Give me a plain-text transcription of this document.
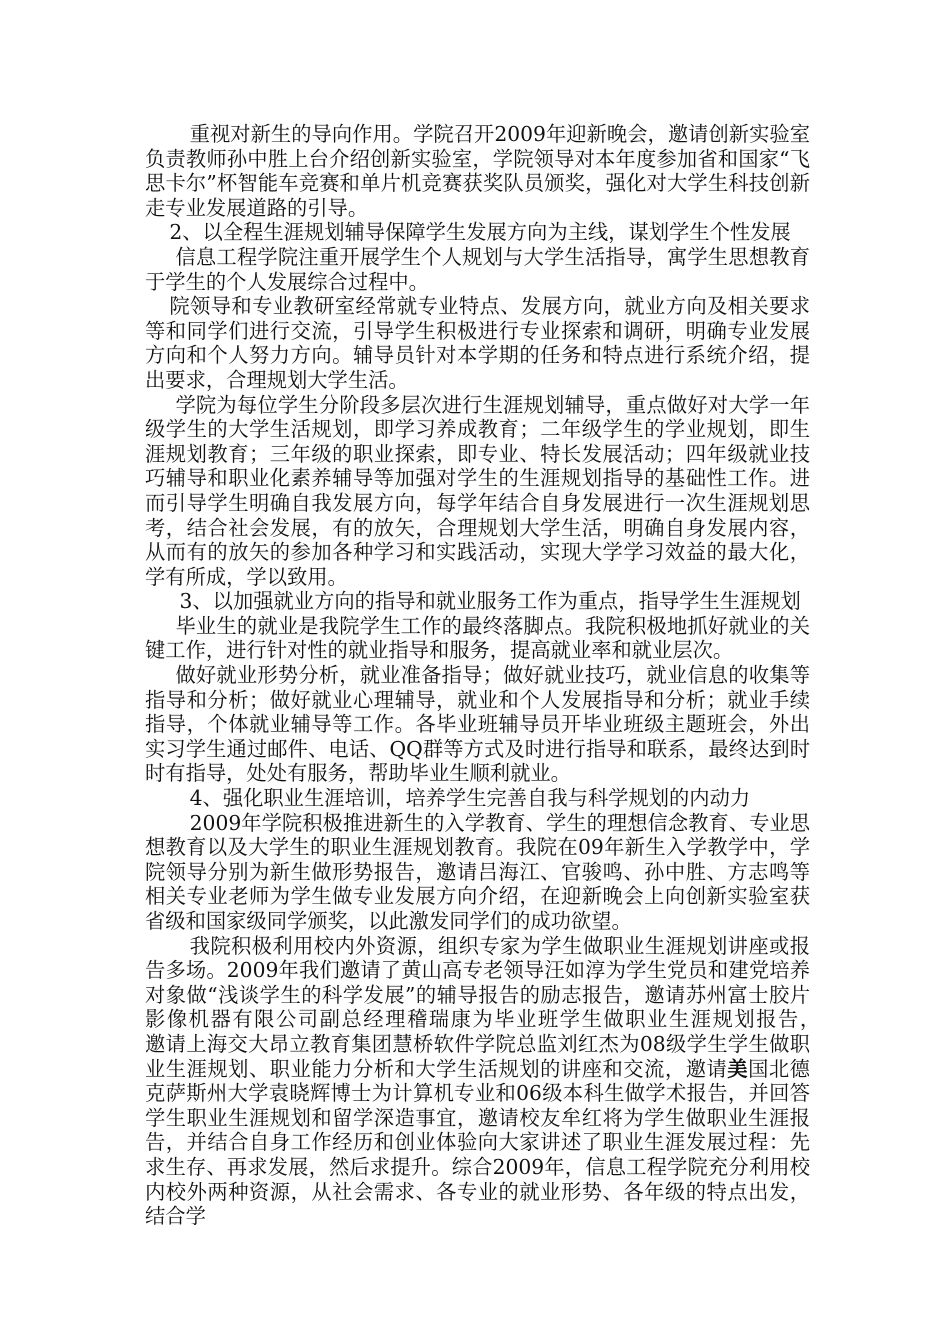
重视对新生的导向作用。学院召开2009年迎新晚会，邀请创新实验室负责教师孙中胜上台介绍创新实验室，学院领导对本年度参加省和国家“飞思卡尔”杯智能车竞赛和单片机竞赛获奖队员颁奖，强化对大学生科技创新走专业发展道路的引导。

2、以全程生涯规划辅导保障学生发展方向为主线，谋划学生个性发展

信息工程学院注重开展学生个人规划与大学生活指导，寓学生思想教育于学生的个人发展综合过程中。

院领导和专业教研室经常就专业特点、发展方向，就业方向及相关要求等和同学们进行交流，引导学生积极进行专业探索和调研，明确专业发展方向和个人努力方向。辅导员针对本学期的任务和特点进行系统介绍，提出要求，合理规划大学生活。

学院为每位学生分阶段多层次进行生涯规划辅导，重点做好对大学一年级学生的大学生活规划，即学习养成教育；二年级学生的学业规划，即生涯规划教育；三年级的职业探索，即专业、特长发展活动；四年级就业技巧辅导和职业化素养辅导等加强对学生的生涯规划指导的基础性工作。进而引导学生明确自我发展方向，每学年结合自身发展进行一次生涯规划思考，结合社会发展，有的放矢，合理规划大学生活，明确自身发展内容，从而有的放矢的参加各种学习和实践活动，实现大学学习效益的最大化，学有所成，学以致用。

3、以加强就业方向的指导和就业服务工作为重点，指导学生生涯规划

毕业生的就业是我院学生工作的最终落脚点。我院积极地抓好就业的关键工作，进行针对性的就业指导和服务，提高就业率和就业层次。

做好就业形势分析，就业准备指导；做好就业技巧，就业信息的收集等指导和分析；做好就业心理辅导，就业和个人发展指导和分析；就业手续指导，个体就业辅导等工作。各毕业班辅导员开毕业班级主题班会，外出实习学生通过邮件、电话、QQ群等方式及时进行指导和联系，最终达到时时有指导，处处有服务，帮助毕业生顺利就业。

4、强化职业生涯培训，培养学生完善自我与科学规划的内动力

2009年学院积极推进新生的入学教育、学生的理想信念教育、专业思想教育以及大学生的职业生涯规划教育。我院在09年新生入学教学中，学院领导分别为新生做形势报告，邀请吕海江、官骏鸣、孙中胜、方志鸣等相关专业老师为学生做专业发展方向介绍，在迎新晚会上向创新实验室获省级和国家级同学颁奖，以此激发同学们的成功欲望。

我院积极利用校内外资源，组织专家为学生做职业生涯规划讲座或报告多场。2009年我们邀请了黄山高专老领导汪如淳为学生党员和建党培养对象做“浅谈学生的科学发展”的辅导报告的励志报告，邀请苏州富士胶片影像机器有限公司副总经理稽瑞康为毕业班学生做职业生涯规划报告，　　邀请上海交大昂立教育集团慧桥软件学院总监刘红杰为08级学生学生做职业生涯规划、职业能力分析和大学生活规划的讲座和交流，邀请美国北德克萨斯州大学袁晓辉博士为计算机专业和06级本科生做学术报告，并回答学生职业生涯规划和留学深造事宜，邀请校友牟红将为学生做职业生涯报告，并结合自身工作经历和创业体验向大家讲述了职业生涯发展过程：先求生存、再求发展，然后求提升。综合2009年，信息工程学院充分利用校内校外两种资源，从社会需求、各专业的就业形势、各年级的特点出发，结合学
